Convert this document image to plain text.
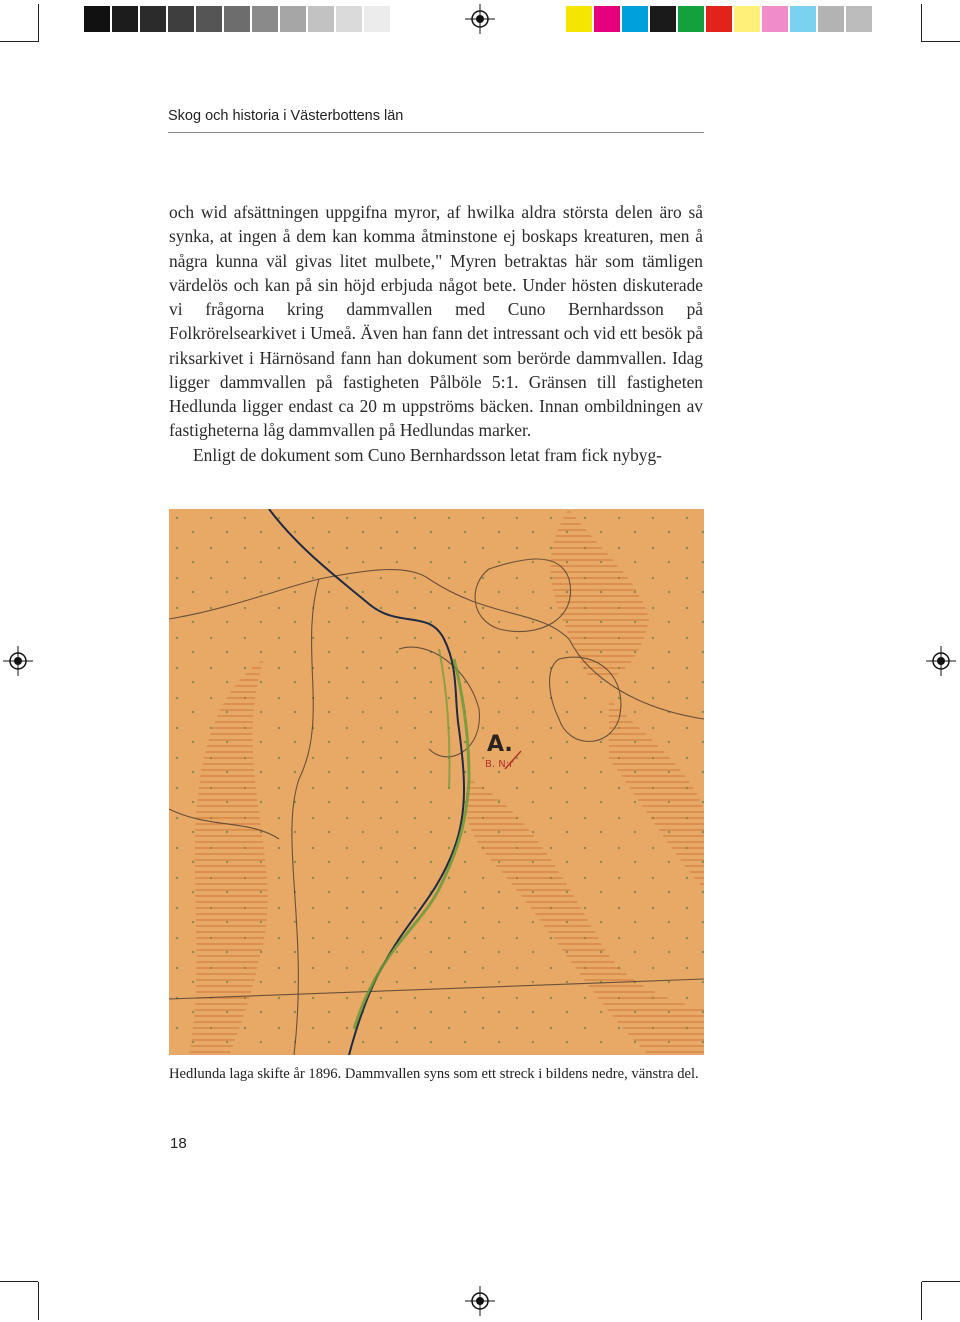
Skog och historia i Västerbottens län

och wid afsättningen uppgifna myror, af hwilka aldra största delen äro så synka, at ingen å dem kan komma åtminstone ej boskaps kreaturen, men å några kunna väl givas litet mulbete," Myren betraktas här som tämligen värdelös och kan på sin höjd erbjuda något bete. Under hösten diskuterade vi frågorna kring dammvallen med Cuno Bernhardsson på Folkrörelsearkivet i Umeå. Även han fann det intressant och vid ett besök på riksarkivet i Härnösand fann han dokument som berörde dammvallen. Idag ligger dammvallen på fastigheten Pålböle 5:1. Gränsen till fastigheten Hedlunda ligger endast ca 20 m uppströms bäcken. Innan ombildningen av fastigheterna låg dammvallen på Hedlundas marker.

Enligt de dokument som Cuno Bernhardsson letat fram fick nybyg-

A.
B. N:r

Hedlunda laga skifte år 1896. Dammvallen syns som ett streck i bildens nedre, vänstra del.

18
